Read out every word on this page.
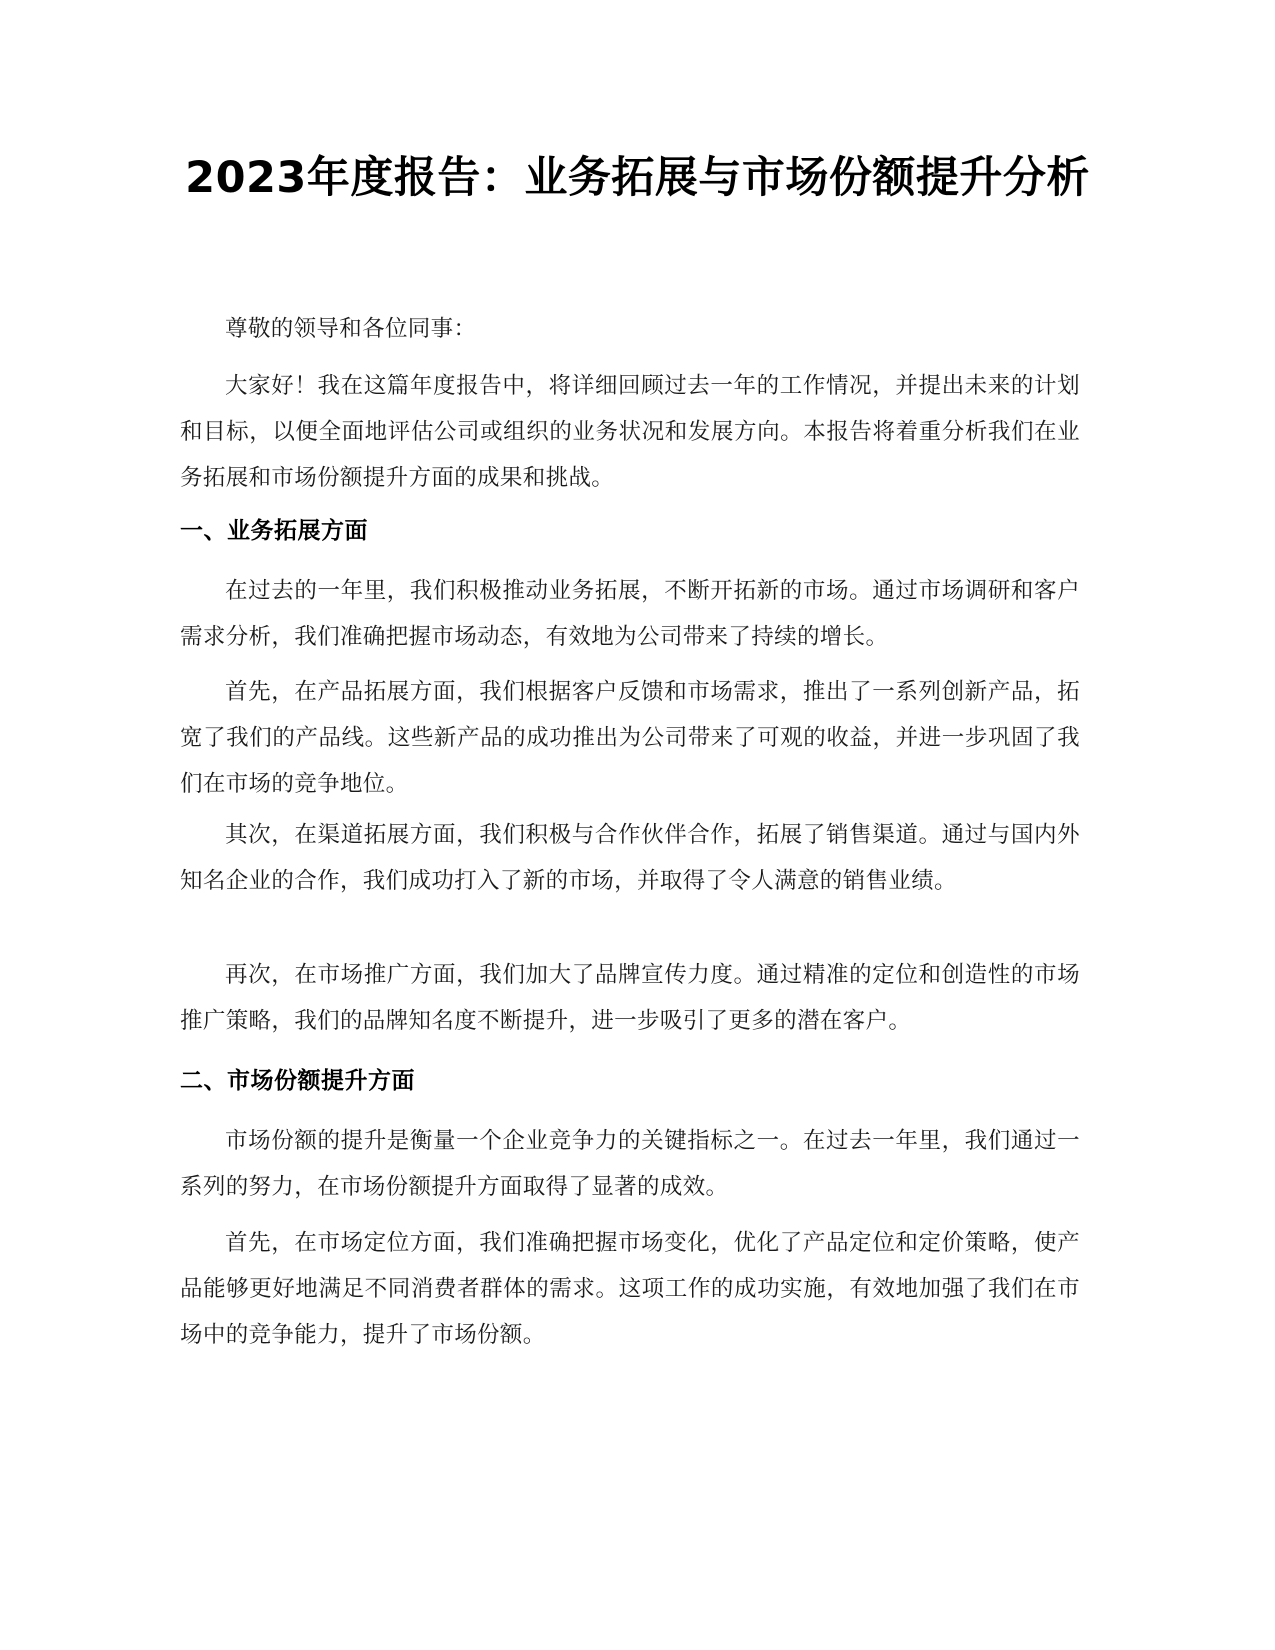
2023年度报告：业务拓展与市场份额提升分析

尊敬的领导和各位同事：

大家好！我在这篇年度报告中，将详细回顾过去一年的工作情况，并提出未来的计划和目标，以便全面地评估公司或组织的业务状况和发展方向。本报告将着重分析我们在业务拓展和市场份额提升方面的成果和挑战。

一、业务拓展方面

在过去的一年里，我们积极推动业务拓展，不断开拓新的市场。通过市场调研和客户需求分析，我们准确把握市场动态，有效地为公司带来了持续的增长。

首先，在产品拓展方面，我们根据客户反馈和市场需求，推出了一系列创新产品，拓宽了我们的产品线。这些新产品的成功推出为公司带来了可观的收益，并进一步巩固了我们在市场的竞争地位。

其次，在渠道拓展方面，我们积极与合作伙伴合作，拓展了销售渠道。通过与国内外知名企业的合作，我们成功打入了新的市场，并取得了令人满意的销售业绩。

再次，在市场推广方面，我们加大了品牌宣传力度。通过精准的定位和创造性的市场推广策略，我们的品牌知名度不断提升，进一步吸引了更多的潜在客户。

二、市场份额提升方面

市场份额的提升是衡量一个企业竞争力的关键指标之一。在过去一年里，我们通过一系列的努力，在市场份额提升方面取得了显著的成效。

首先，在市场定位方面，我们准确把握市场变化，优化了产品定位和定价策略，使产品能够更好地满足不同消费者群体的需求。这项工作的成功实施，有效地加强了我们在市场中的竞争能力，提升了市场份额。
